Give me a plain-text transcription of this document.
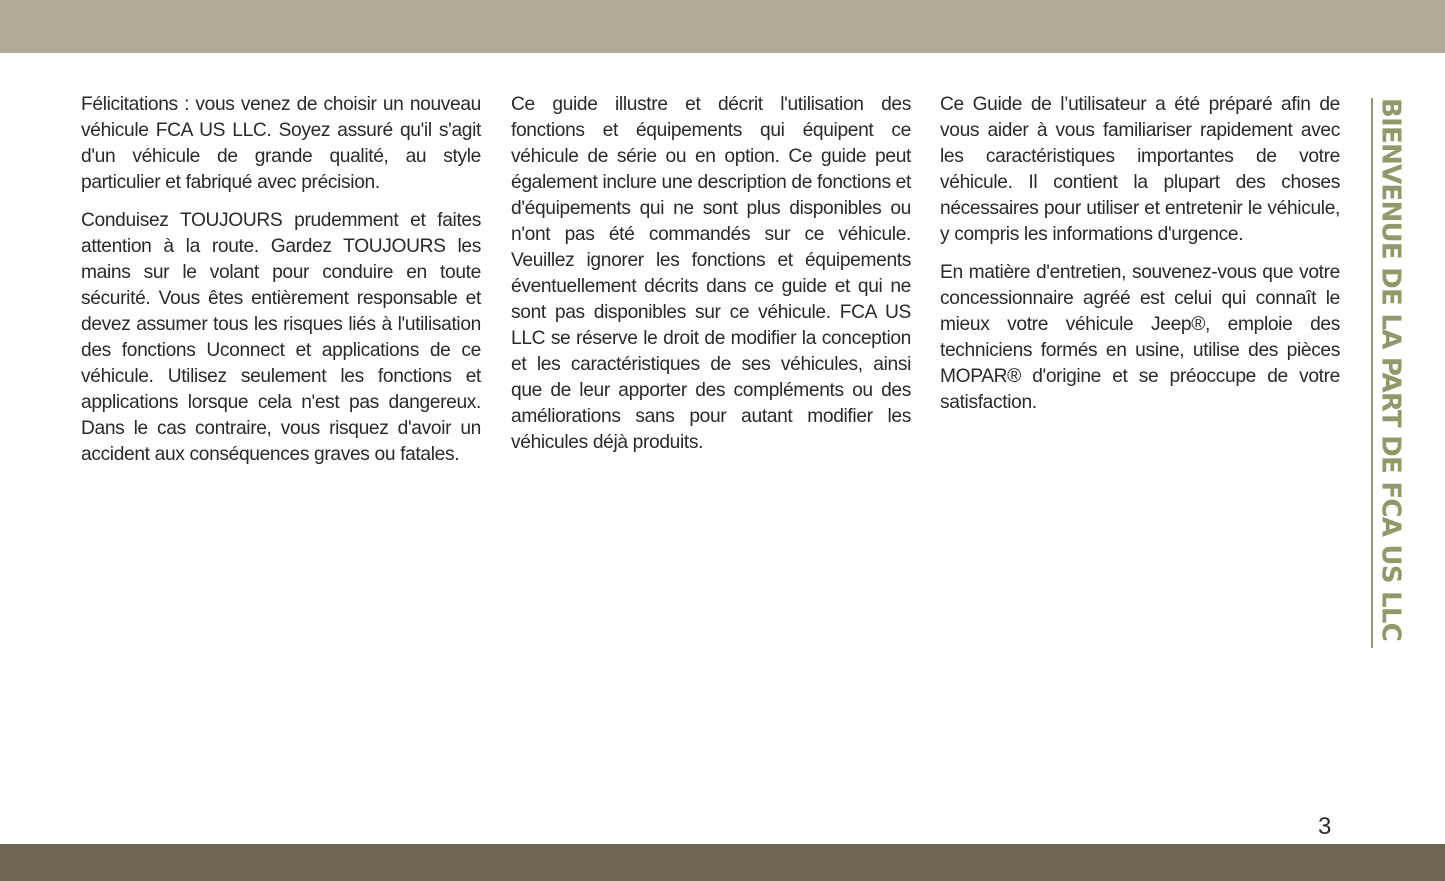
Félicitations : vous venez de choisir un nouveau véhicule FCA US LLC. Soyez assuré qu'il s'agit d'un véhicule de grande qualité, au style particulier et fabriqué avec précision.

Conduisez TOUJOURS prudemment et faites attention à la route. Gardez TOUJOURS les mains sur le volant pour conduire en toute sécurité. Vous êtes entièrement responsable et devez assumer tous les risques liés à l'utilisation des fonctions Uconnect et applications de ce véhicule. Utilisez seulement les fonctions et applications lorsque cela n'est pas dangereux. Dans le cas contraire, vous risquez d'avoir un accident aux conséquences graves ou fatales.

Ce guide illustre et décrit l'utilisation des fonctions et équipements qui équipent ce véhicule de série ou en option. Ce guide peut également inclure une description de fonctions et d'équipements qui ne sont plus disponibles ou n'ont pas été commandés sur ce véhicule. Veuillez ignorer les fonctions et équipements éventuellement décrits dans ce guide et qui ne sont pas disponibles sur ce véhicule. FCA US LLC se réserve le droit de modifier la conception et les caractéristiques de ses véhicules, ainsi que de leur apporter des compléments ou des améliorations sans pour autant modifier les véhicules déjà produits.

Ce Guide de l’utilisateur a été préparé afin de vous aider à vous familiariser rapidement avec les caractéristiques importantes de votre véhicule. Il contient la plupart des choses nécessaires pour utiliser et entretenir le véhicule, y compris les informations d'urgence.

En matière d'entretien, souvenez-vous que votre concessionnaire agréé est celui qui connaît le mieux votre véhicule Jeep®, emploie des techniciens formés en usine, utilise des pièces MOPAR® d'origine et se préoccupe de votre satisfaction.	BIENVENUE DE LA PART DE FCA US LLC
3
